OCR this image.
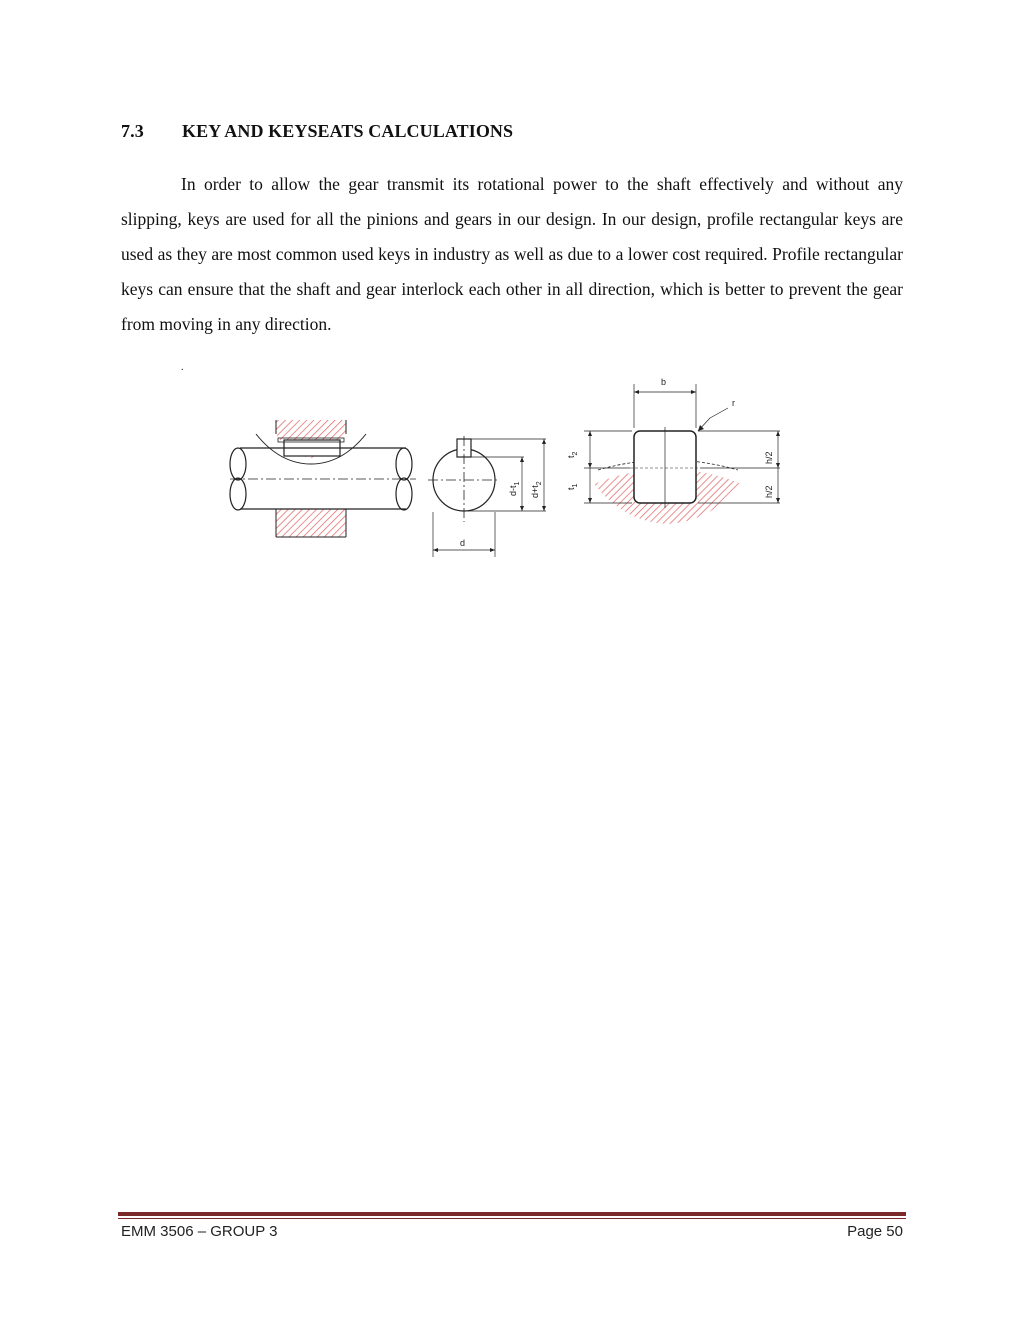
7.3 KEY AND KEYSEATS CALCULATIONS

In order to allow the gear transmit its rotational power to the shaft effectively and without any slipping, keys are used for all the pinions and gears in our design. In our design, profile rectangular keys are used as they are most common used keys in industry as well as due to a lower cost required. Profile rectangular keys can ensure that the shaft and gear interlock each other in all direction, which is better to prevent the gear from moving in any direction.

.
d
$d-t_1$
$d+t_2$
b
r
$t_2$
$t_1$
h/2
h/2
EMM 3506 – GROUP 3	Page 50
